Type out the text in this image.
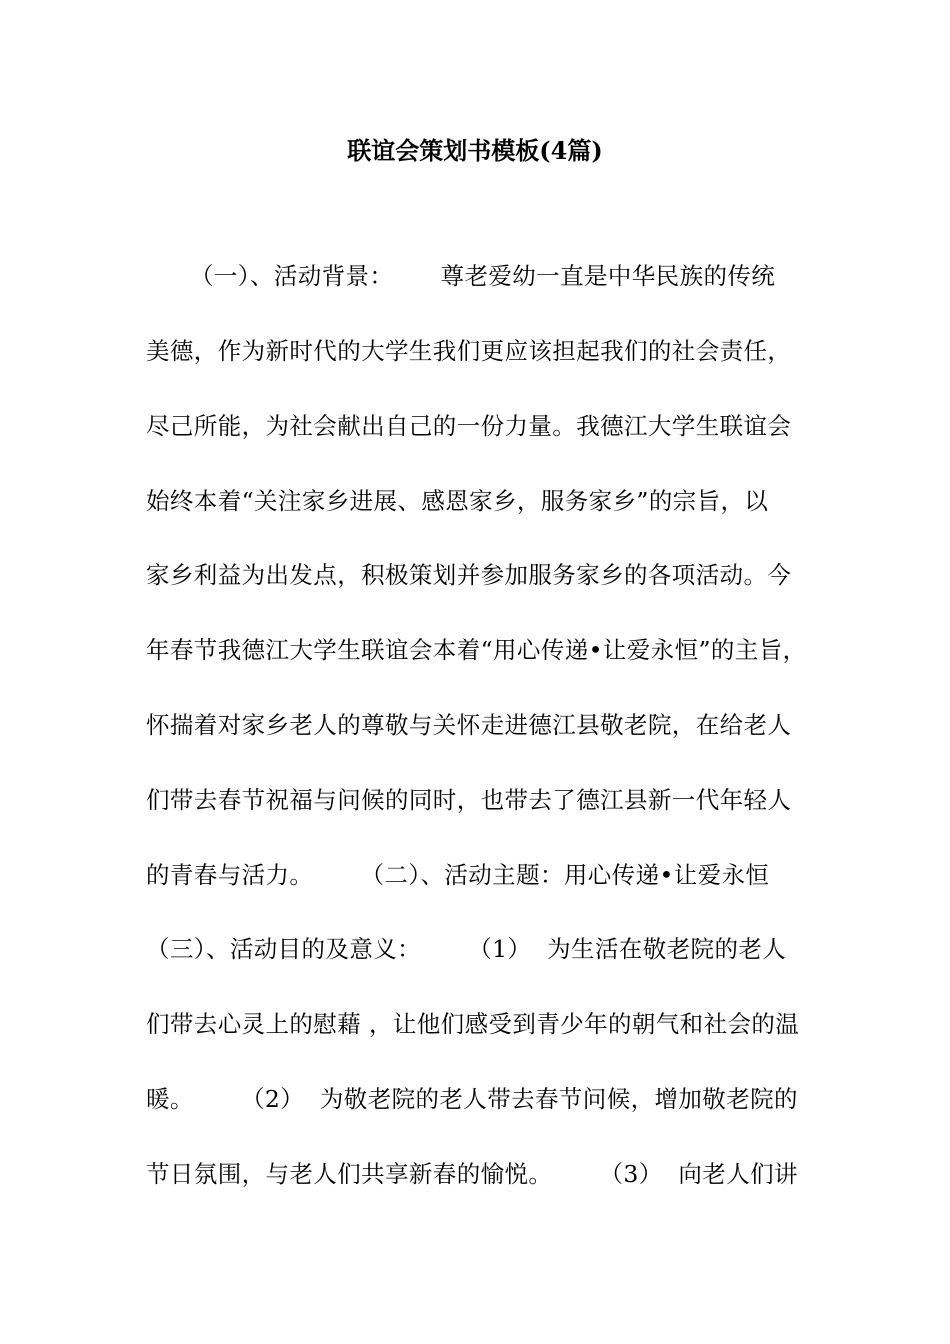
联谊会策划书模板(4篇)
（一）、活动背景：      尊老爱幼一直是中华民族的传统
美德，作为新时代的大学生我们更应该担起我们的社会责任，
尽己所能，为社会献出自己的一份力量。我德江大学生联谊会
始终本着“关注家乡进展、感恩家乡，服务家乡”的宗旨，以
家乡利益为出发点，积极策划并参加服务家乡的各项活动。今
年春节我德江大学生联谊会本着“用心传递•让爱永恒”的主旨，
怀揣着对家乡老人的尊敬与关怀走进德江县敬老院，在给老人
们带去春节祝福与问候的同时，也带去了德江县新一代年轻人
的青春与活力。      （二）、活动主题：用心传递•让爱永恒
（三）、活动目的及意义：      （1）  为生活在敬老院的老人
们带去心灵上的慰藉 ，让他们感受到青少年的朝气和社会的温
暖。      （2）  为敬老院的老人带去春节问候，增加敬老院的
节日氛围，与老人们共享新春的愉悦。      （3）  向老人们讲
